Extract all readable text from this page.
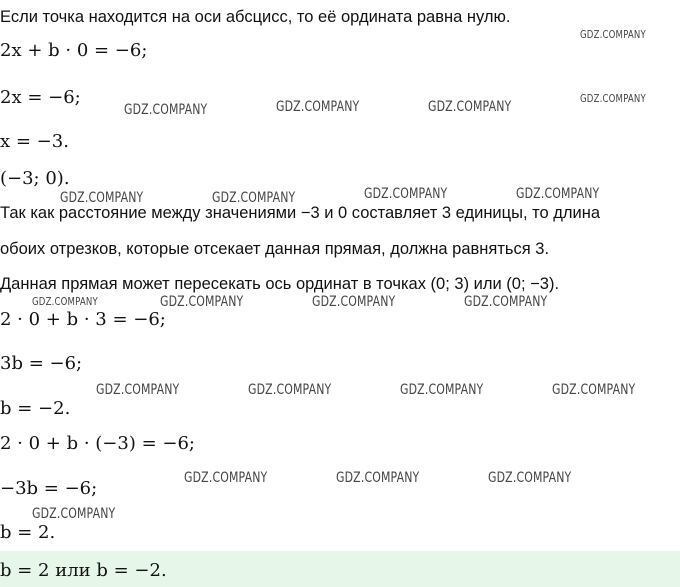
Если точка находится на оси абсцисс, то её ордината равна нулю.
2x + b · 0 = −6;
2x = −6;
x = −3.
(−3; 0).
Так как расстояние между значениями −3 и 0 составляет 3 единицы, то длина
обоих отрезков, которые отсекает данная прямая, должна равняться 3.
Данная прямая может пересекать ось ординат в точках (0; 3) или (0; −3).
2 · 0 + b · 3 = −6;
3b = −6;
b = −2.
2 · 0 + b · (−3) = −6;
−3b = −6;
b = 2.
b = 2 или b = −2.
GDZ.COMPANY
GDZ.COMPANY
GDZ.COMPANY	GDZ.COMPANY	GDZ.COMPANY
GDZ.COMPANY	GDZ.COMPANY	GDZ.COMPANY	GDZ.COMPANY
GDZ.COMPANY	GDZ.COMPANY	GDZ.COMPANY	GDZ.COMPANY
GDZ.COMPANY	GDZ.COMPANY	GDZ.COMPANY	GDZ.COMPANY
GDZ.COMPANY	GDZ.COMPANY	GDZ.COMPANY
GDZ.COMPANY
